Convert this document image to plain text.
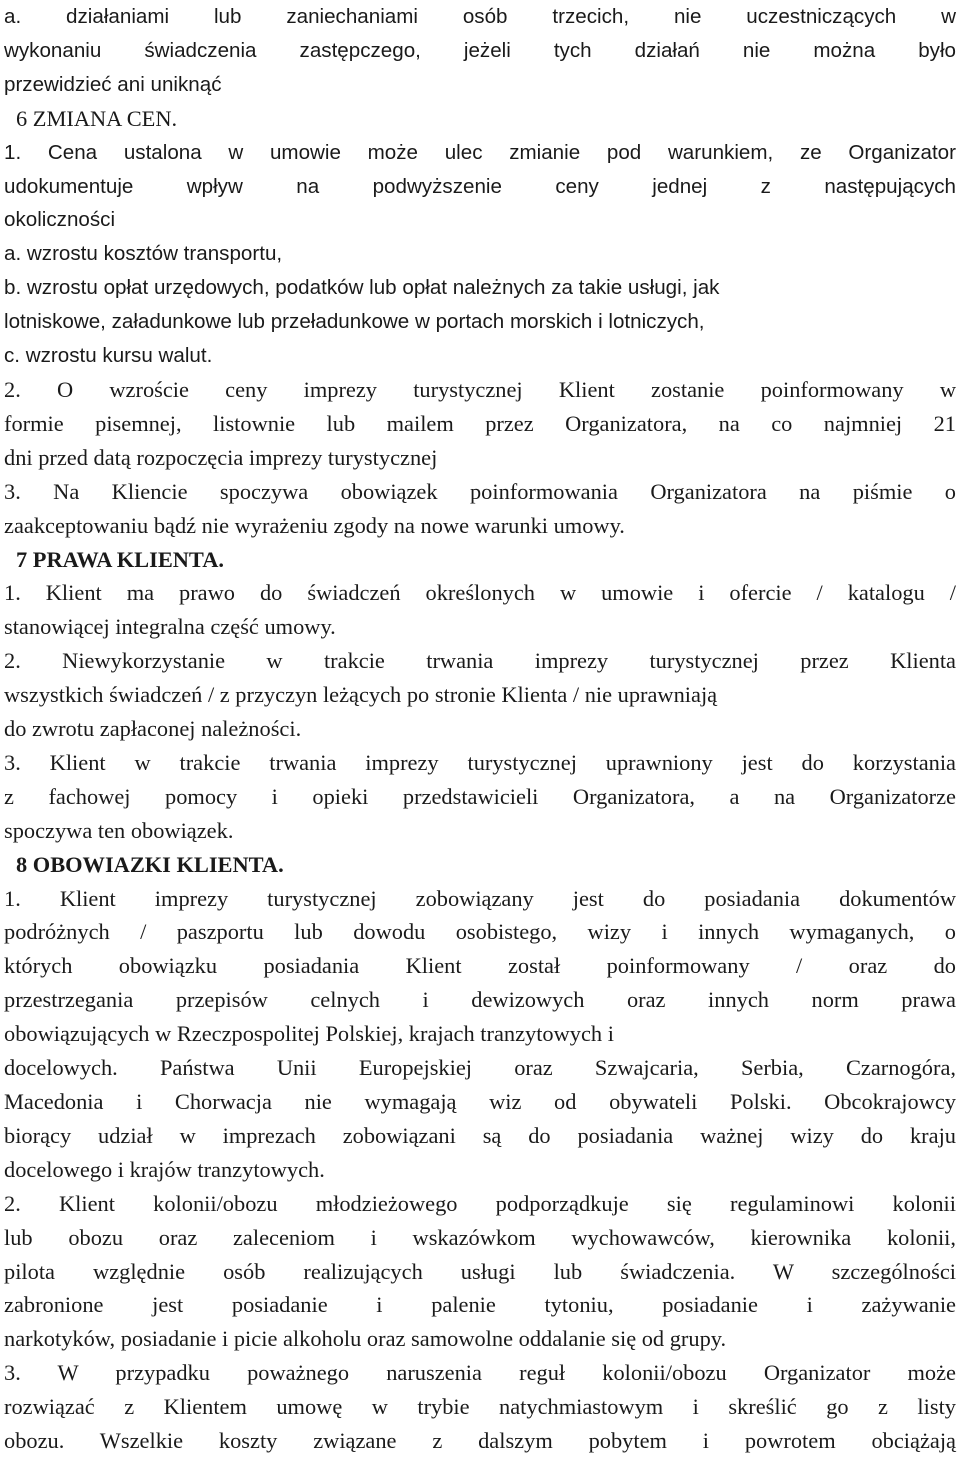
a. działaniami lub zaniechaniami osób trzecich, nie uczestniczących w
wykonaniu świadczenia zastępczego, jeżeli tych działań nie można było
przewidzieć ani uniknąć
6 ZMIANA CEN.
1. Cena ustalona w umowie może ulec zmianie pod warunkiem, ze Organizator
udokumentuje wpływ na podwyższenie ceny jednej z następujących
okoliczności
a. wzrostu kosztów transportu,
b. wzrostu opłat urzędowych, podatków lub opłat należnych za takie usługi, jak
lotniskowe, załadunkowe lub przeładunkowe w portach morskich i lotniczych,
c. wzrostu kursu walut.
2. O wzroście ceny imprezy turystycznej Klient zostanie poinformowany w
formie pisemnej, listownie lub mailem przez Organizatora, na co najmniej 21
dni przed datą rozpoczęcia imprezy turystycznej
3. Na Kliencie spoczywa obowiązek poinformowania Organizatora na piśmie o
zaakceptowaniu bądź nie wyrażeniu zgody na nowe warunki umowy.
7 PRAWA KLIENTA.
1. Klient ma prawo do świadczeń określonych w umowie i ofercie / katalogu /
stanowiącej integralna część umowy.
2. Niewykorzystanie w trakcie trwania imprezy turystycznej przez Klienta
wszystkich świadczeń / z przyczyn leżących po stronie Klienta / nie uprawniają
do zwrotu zapłaconej należności.
3. Klient w trakcie trwania imprezy turystycznej uprawniony jest do korzystania
z fachowej pomocy i opieki przedstawicieli Organizatora, a na Organizatorze
spoczywa ten obowiązek.
8 OBOWIAZKI KLIENTA.
1. Klient imprezy turystycznej zobowiązany jest do posiadania dokumentów
podróżnych / paszportu lub dowodu osobistego, wizy i innych wymaganych, o
których obowiązku posiadania Klient został poinformowany / oraz do
przestrzegania przepisów celnych i dewizowych oraz innych norm prawa
obowiązujących w Rzeczpospolitej Polskiej, krajach tranzytowych i
docelowych. Państwa Unii Europejskiej oraz Szwajcaria, Serbia, Czarnogóra,
Macedonia i Chorwacja nie wymagają wiz od obywateli Polski. Obcokrajowcy
biorący udział w imprezach zobowiązani są do posiadania ważnej wizy do kraju
docelowego i krajów tranzytowych.
2. Klient kolonii/obozu młodzieżowego podporządkuje się regulaminowi kolonii
lub obozu oraz zaleceniom i wskazówkom wychowawców, kierownika kolonii,
pilota względnie osób realizujących usługi lub świadczenia. W szczególności
zabronione jest posiadanie i palenie tytoniu, posiadanie i zażywanie
narkotyków, posiadanie i picie alkoholu oraz samowolne oddalanie się od grupy.
3. W przypadku poważnego naruszenia reguł kolonii/obozu Organizator może
rozwiązać z Klientem umowę w trybie natychmiastowym i skreślić go z listy
obozu. Wszelkie koszty związane z dalszym pobytem i powrotem obciążają
